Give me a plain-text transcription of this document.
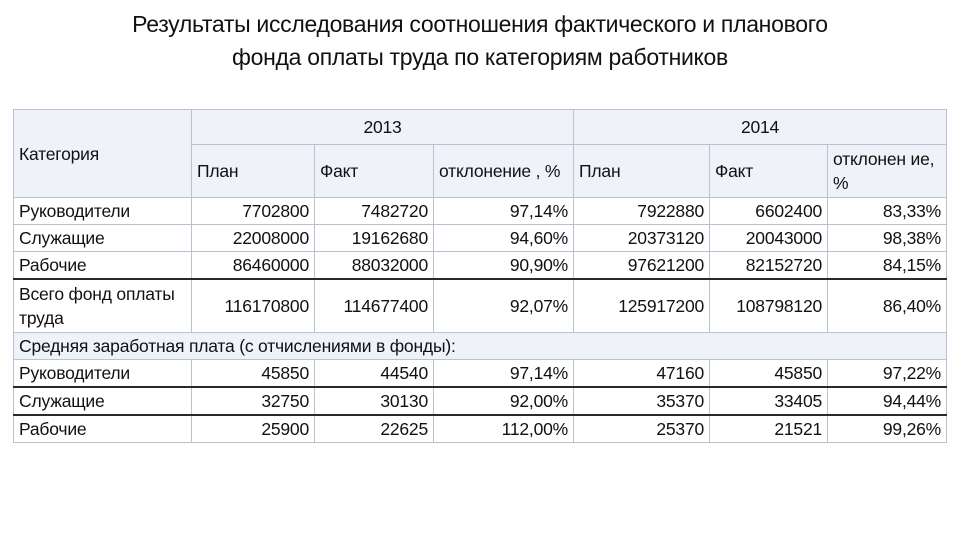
Результаты исследования соотношения фактического и планового
фонда оплаты труда по категориям работников
Категория	2013			2014		
	План	Факт	отклонение , %	План	Факт	отклонен ие, %
Руководители	7702800	7482720	97,14%	7922880	6602400	83,33%
Служащие	22008000	19162680	94,60%	20373120	20043000	98,38%
Рабочие	86460000	88032000	90,90%	97621200	82152720	84,15%
Всего фонд оплаты труда	116170800	114677400	92,07%	125917200	108798120	86,40%
Средняя заработная плата (с отчислениями в фонды):						
Руководители	45850	44540	97,14%	47160	45850	97,22%
Служащие	32750	30130	92,00%	35370	33405	94,44%
Рабочие	25900	22625	112,00%	25370	21521	99,26%
